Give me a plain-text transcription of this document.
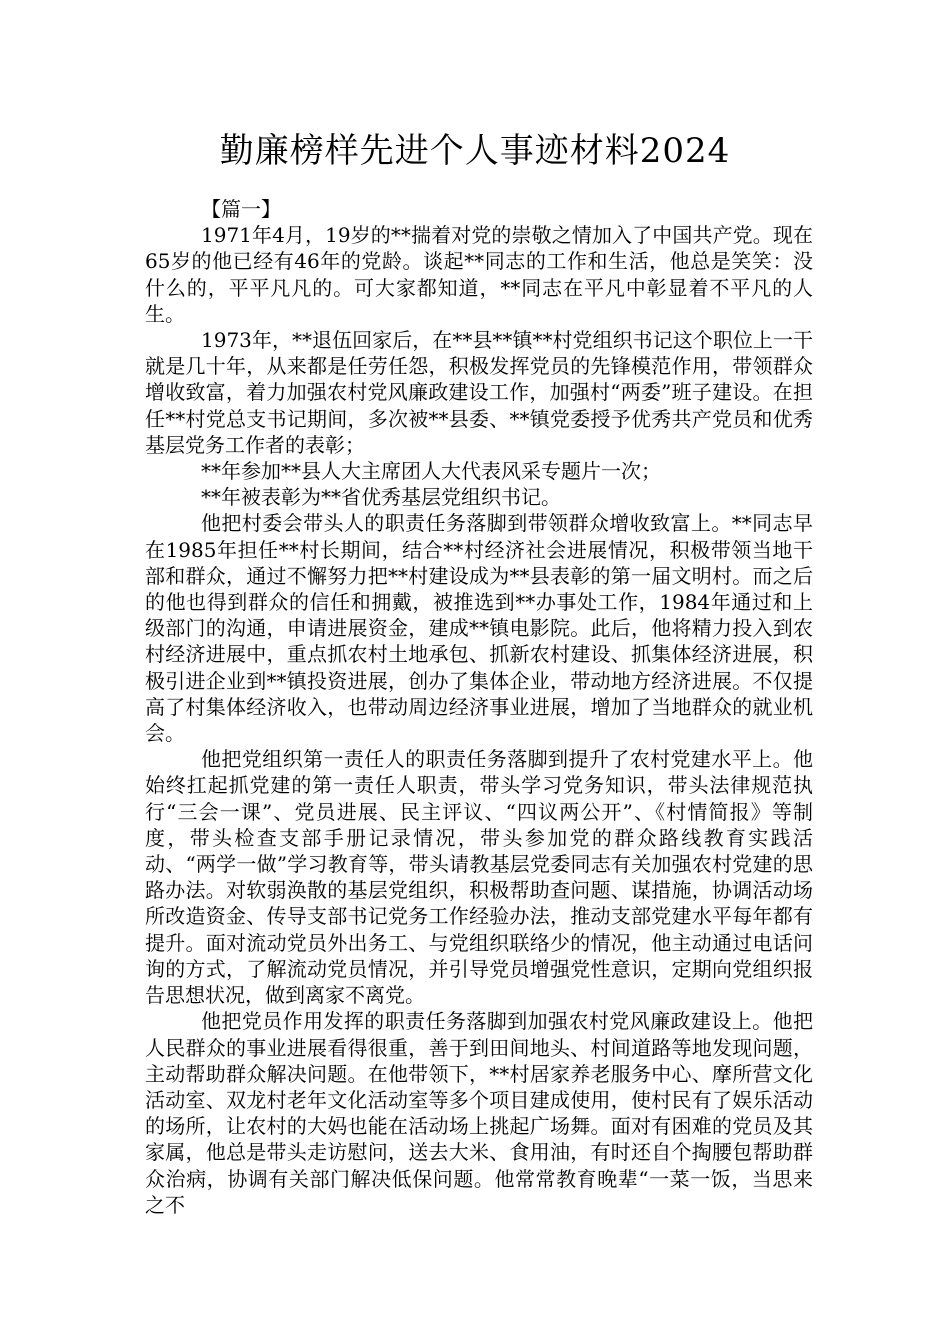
勤廉榜样先进个人事迹材料2024

【篇一】

1971年4月，19岁的**揣着对党的崇敬之情加入了中国共产党。现在65岁的他已经有46年的党龄。谈起**同志的工作和生活，他总是笑笑：没什么的，平平凡凡的。可大家都知道，**同志在平凡中彰显着不平凡的人生。

1973年，**退伍回家后，在**县**镇**村党组织书记这个职位上一干就是几十年，从来都是任劳任怨，积极发挥党员的先锋模范作用，带领群众增收致富，着力加强农村党风廉政建设工作，加强村“两委”班子建设。在担任**村党总支书记期间，多次被**县委、**镇党委授予优秀共产党员和优秀基层党务工作者的表彰；

**年参加**县人大主席团人大代表风采专题片一次；

**年被表彰为**省优秀基层党组织书记。

他把村委会带头人的职责任务落脚到带领群众增收致富上。**同志早在1985年担任**村长期间，结合**村经济社会进展情况，积极带领当地干部和群众，通过不懈努力把**村建设成为**县表彰的第一届文明村。而之后的他也得到群众的信任和拥戴，被推选到**办事处工作，1984年通过和上级部门的沟通，申请进展资金，建成**镇电影院。此后，他将精力投入到农村经济进展中，重点抓农村土地承包、抓新农村建设、抓集体经济进展，积极引进企业到**镇投资进展，创办了集体企业，带动地方经济进展。不仅提高了村集体经济收入，也带动周边经济事业进展，增加了当地群众的就业机会。

他把党组织第一责任人的职责任务落脚到提升了农村党建水平上。他始终扛起抓党建的第一责任人职责，带头学习党务知识，带头法律规范执行“三会一课”、党员进展、民主评议、“四议两公开”、《村情简报》等制度，带头检查支部手册记录情况，带头参加党的群众路线教育实践活动、“两学一做”学习教育等，带头请教基层党委同志有关加强农村党建的思路办法。对软弱涣散的基层党组织，积极帮助查问题、谋措施，协调活动场所改造资金、传导支部书记党务工作经验办法，推动支部党建水平每年都有提升。面对流动党员外出务工、与党组织联络少的情况，他主动通过电话问询的方式，了解流动党员情况，并引导党员增强党性意识，定期向党组织报告思想状况，做到离家不离党。

他把党员作用发挥的职责任务落脚到加强农村党风廉政建设上。他把人民群众的事业进展看得很重，善于到田间地头、村间道路等地发现问题，主动帮助群众解决问题。在他带领下，**村居家养老服务中心、摩所营文化活动室、双龙村老年文化活动室等多个项目建成使用，使村民有了娱乐活动的场所，让农村的大妈也能在活动场上挑起广场舞。面对有困难的党员及其家属，他总是带头走访慰问，送去大米、食用油，有时还自个掏腰包帮助群众治病，协调有关部门解决低保问题。他常常教育晚辈“一菜一饭，当思来之不
